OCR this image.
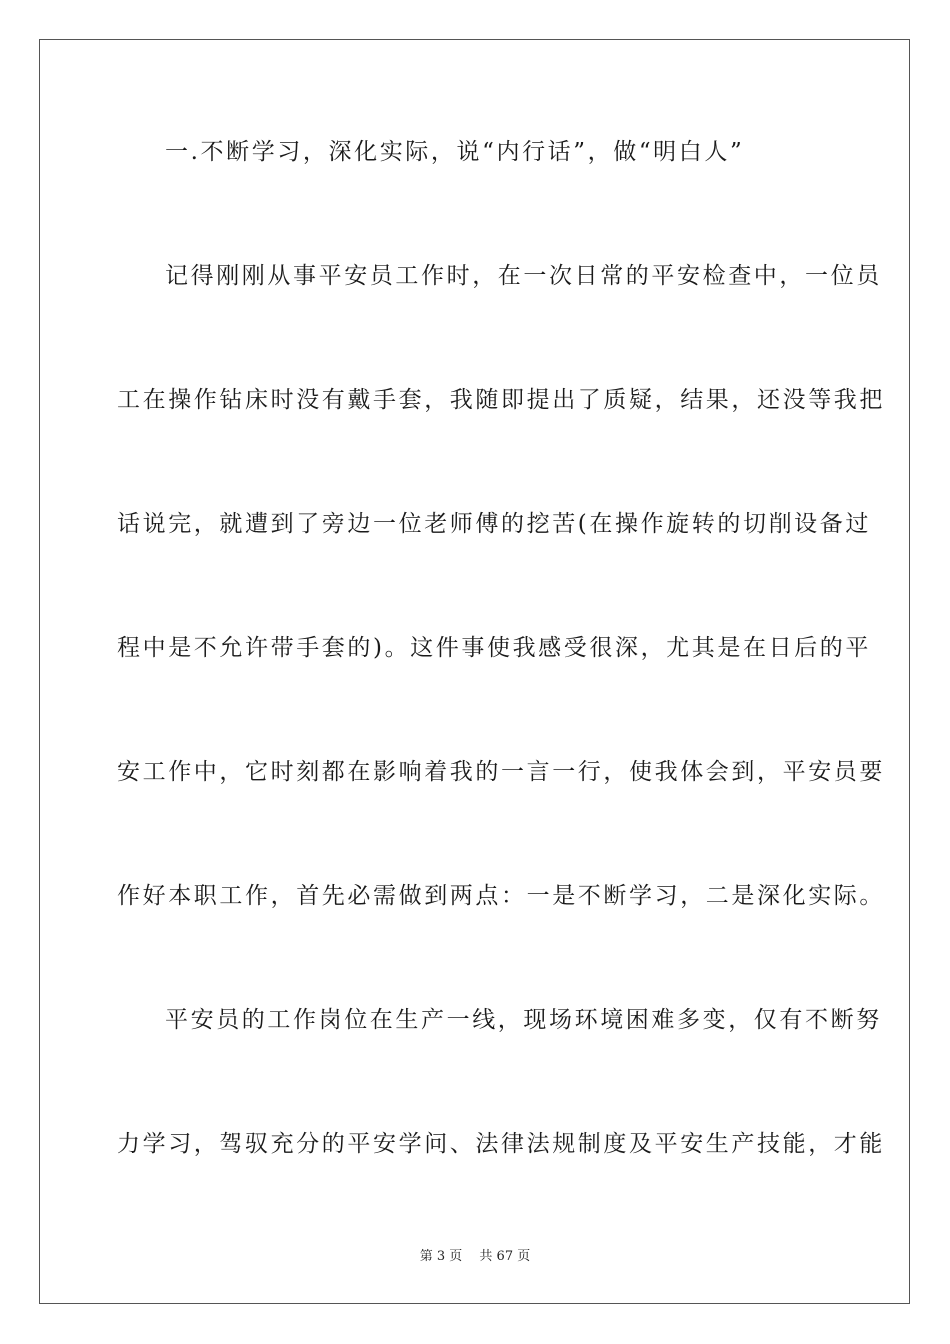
一.不断学习，深化实际，说“内行话”，做“明白人”
记得刚刚从事平安员工作时，在一次日常的平安检查中，一位员
工在操作钻床时没有戴手套，我随即提出了质疑，结果，还没等我把
话说完，就遭到了旁边一位老师傅的挖苦(在操作旋转的切削设备过
程中是不允许带手套的)。这件事使我感受很深，尤其是在日后的平
安工作中，它时刻都在影响着我的一言一行，使我体会到，平安员要
作好本职工作，首先必需做到两点：一是不断学习，二是深化实际。
平安员的工作岗位在生产一线，现场环境困难多变，仅有不断努
力学习，驾驭充分的平安学问、法律法规制度及平安生产技能，才能
第 3 页　 共 67 页
